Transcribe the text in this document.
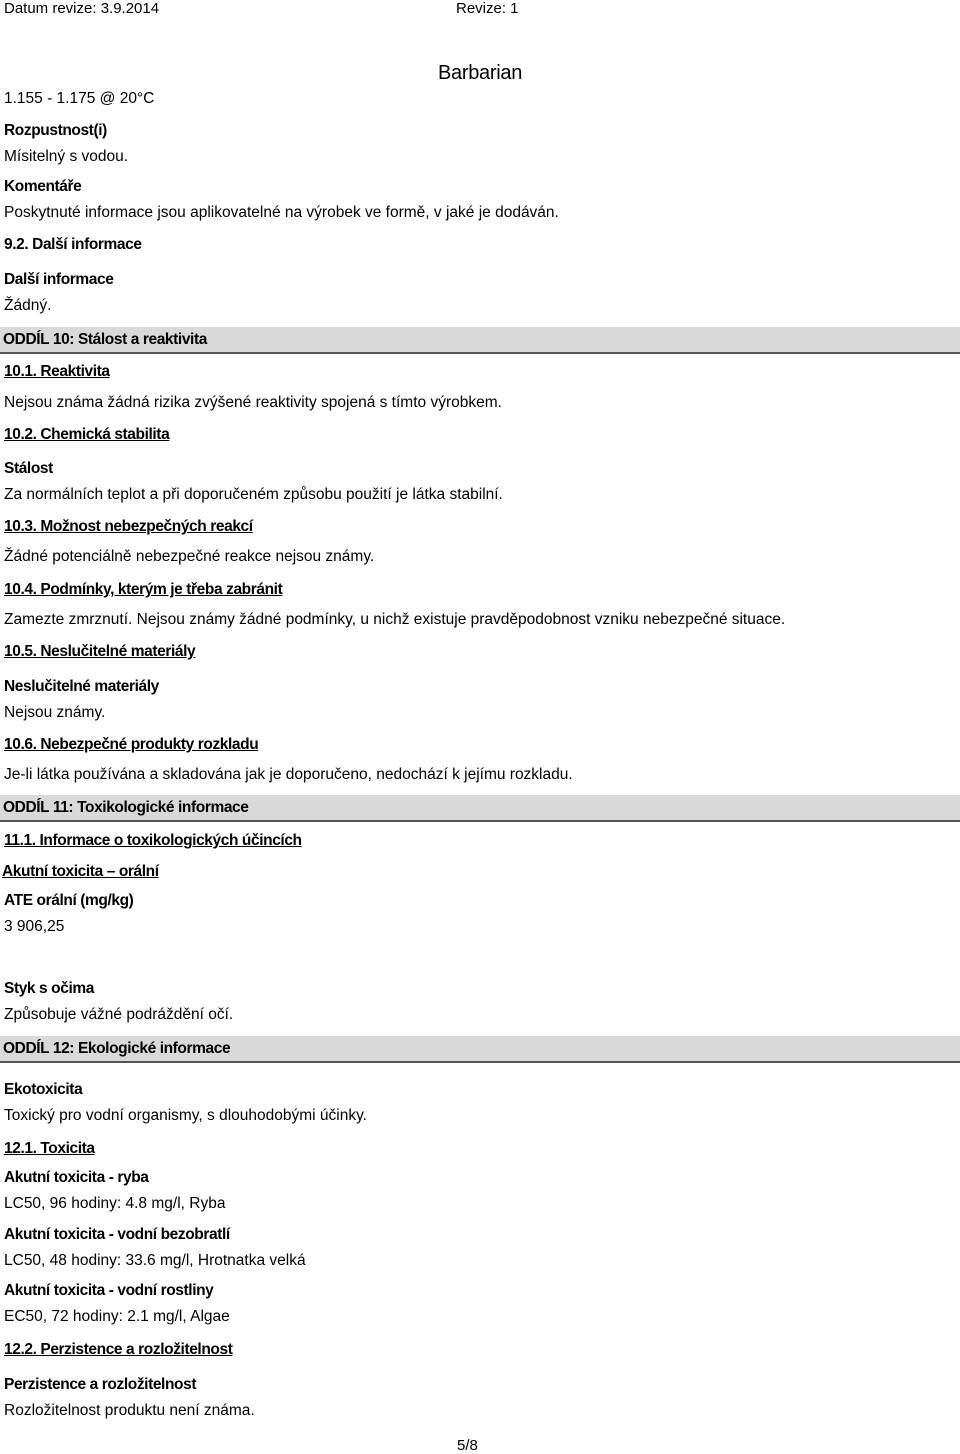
Datum revize: 3.9.2014	Revize: 1
Barbarian
1.155 - 1.175 @ 20°C
Rozpustnost(i)
Mísitelný s vodou.
Komentáře
Poskytnuté informace jsou aplikovatelné na výrobek ve formě, v jaké je dodáván.
9.2. Další informace
Další informace
Žádný.
ODDÍL 10: Stálost a reaktivita
10.1. Reaktivita
Nejsou známa žádná rizika zvýšené reaktivity spojená s tímto výrobkem.
10.2. Chemická stabilita
Stálost
Za normálních teplot a při doporučeném způsobu použití je látka stabilní.
10.3. Možnost nebezpečných reakcí
Žádné potenciálně nebezpečné reakce nejsou známy.
10.4. Podmínky, kterým je třeba zabránit
Zamezte zmrznutí. Nejsou známy žádné podmínky, u nichž existuje pravděpodobnost vzniku nebezpečné situace.
10.5. Neslučitelné materiály
Neslučitelné materiály
Nejsou známy.
10.6. Nebezpečné produkty rozkladu
Je-li látka používána a skladována jak je doporučeno, nedochází k jejímu rozkladu.
ODDÍL 11: Toxikologické informace
11.1. Informace o toxikologických účincích
Akutní toxicita – orální
ATE orální (mg/kg)
3 906,25
Styk s očima
Způsobuje vážné podráždění očí.
ODDÍL 12: Ekologické informace
Ekotoxicita
Toxický pro vodní organismy, s dlouhodobými účinky.
12.1. Toxicita
Akutní toxicita - ryba
LC50, 96 hodiny: 4.8 mg/l, Ryba
Akutní toxicita - vodní bezobratlí
LC50, 48 hodiny: 33.6 mg/l, Hrotnatka velká
Akutní toxicita - vodní rostliny
EC50, 72 hodiny: 2.1 mg/l, Algae
12.2. Perzistence a rozložitelnost
Perzistence a rozložitelnost
Rozložitelnost produktu není známa.
5/8
